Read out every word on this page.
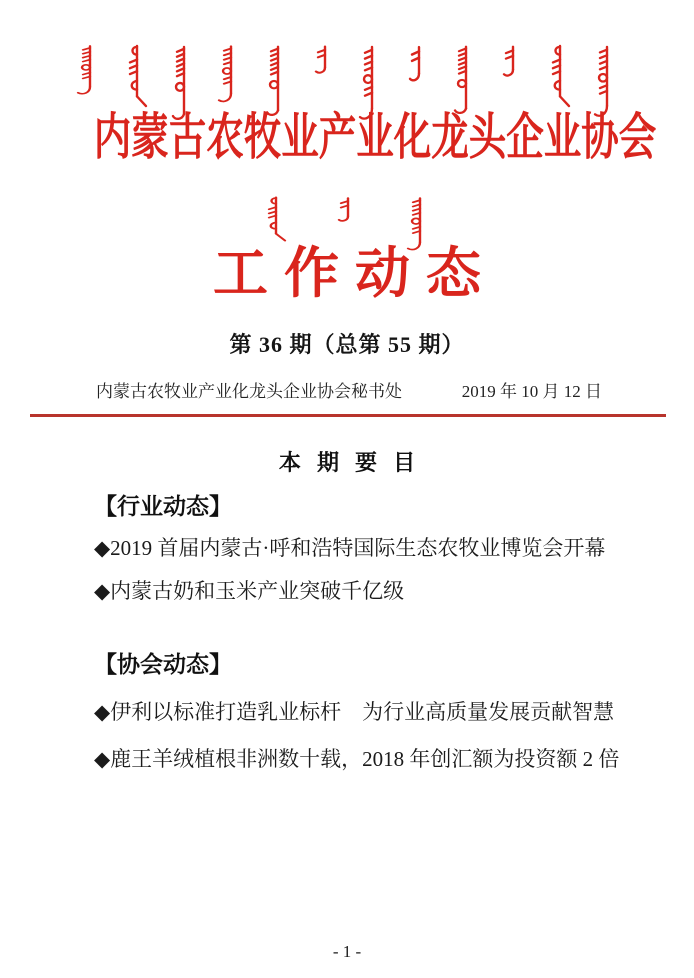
内蒙古农牧业产业化龙头企业协会
工作动态
第 36 期（总第 55 期）
内蒙古农牧业产业化龙头企业协会秘书处	2019 年 10 月 12 日
本 期 要 目
【行业动态】
◆2019 首届内蒙古·呼和浩特国际生态农牧业博览会开幕
◆内蒙古奶和玉米产业突破千亿级
【协会动态】
◆伊利以标准打造乳业标杆　为行业高质量发展贡献智慧
◆鹿王羊绒植根非洲数十载，2018 年创汇额为投资额 2 倍
- 1 -
